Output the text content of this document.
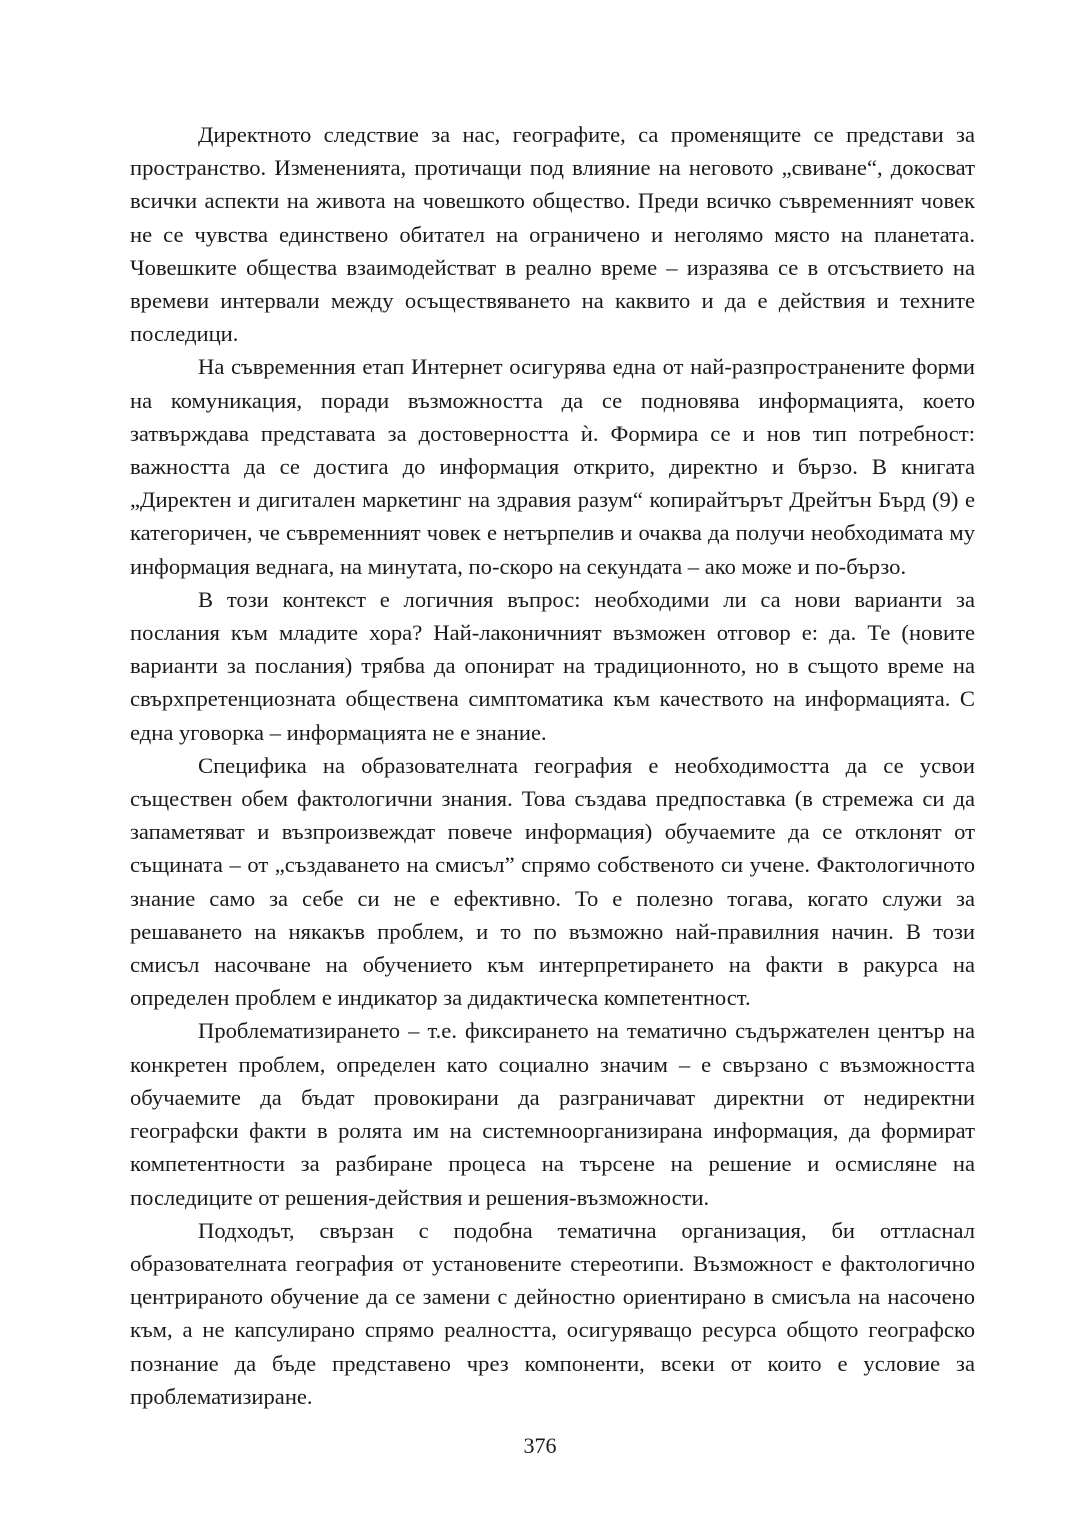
Директното следствие за нас, географите, са променящите се представи за пространство. Измененията, протичащи под влияние на неговото „свиване“, докосват всички аспекти на живота на човешкото общество. Преди всичко съвременният човек не се чувства единствено обитател на ограничено и неголямо място на планетата. Човешките общества взаимодействат в реално време – изразява се в отсъствието на времеви интервали между осъществяването на каквито и да е действия и техните последици.

На съвременния етап Интернет осигурява една от най-разпространените форми на комуникация, поради възможността да се подновява информацията, което затвърждава представата за достоверността ѝ. Формира се и нов тип потребност: важността да се достига до информация открито, директно и бързо. В книгата „Директен и дигитален маркетинг на здравия разум“ копирайтърът Дрейтън Бърд (9) е категоричен, че съвременният човек е нетърпелив и очаква да получи необходимата му информация веднага, на минутата, по-скоро на секундата – ако може и по-бързо.

В този контекст е логичния въпрос: необходими ли са нови варианти за послания към младите хора? Най-лаконичният възможен отговор е: да. Те (новите варианти за послания) трябва да опонират на традиционното, но в същото време на свърхпретенциозната обществена симптоматика към качеството на информацията. С една уговорка – информацията не е знание.

Специфика на образователната география е необходимостта да се усвои съществен обем фактологични знания. Това създава предпоставка (в стремежа си да запаметяват и възпроизвеждат повече информация) обучаемите да се отклонят от същината – от „създаването на смисъл” спрямо собственото си учене. Фактологичното знание само за себе си не е ефективно. То е полезно тогава, когато служи за решаването на някакъв проблем, и то по възможно най-правилния начин. В този смисъл насочване на обучението към интерпретирането на факти в ракурса на определен проблем е индикатор за дидактическа компетентност.

Проблематизирането – т.е. фиксирането на тематично съдържателен център на конкретен проблем, определен като социално значим – е свързано с възможността обучаемите да бъдат провокирани да разграничават директни от недиректни географски факти в ролята им на системноорганизирана информация, да формират компетентности за разбиране процеса на търсене на решение и осмисляне на последиците от решения-действия и решения-възможности.

Подходът, свързан с подобна тематична организация, би оттласнал образователната география от установените стереотипи. Възможност е фактологично центрираното обучение да се замени с дейностно ориентирано в смисъла на насочено към, а не капсулирано спрямо реалността, осигуряващо ресурса общото географско познание да бъде представено чрез компоненти, всеки от които е условие за проблематизиране.

376
